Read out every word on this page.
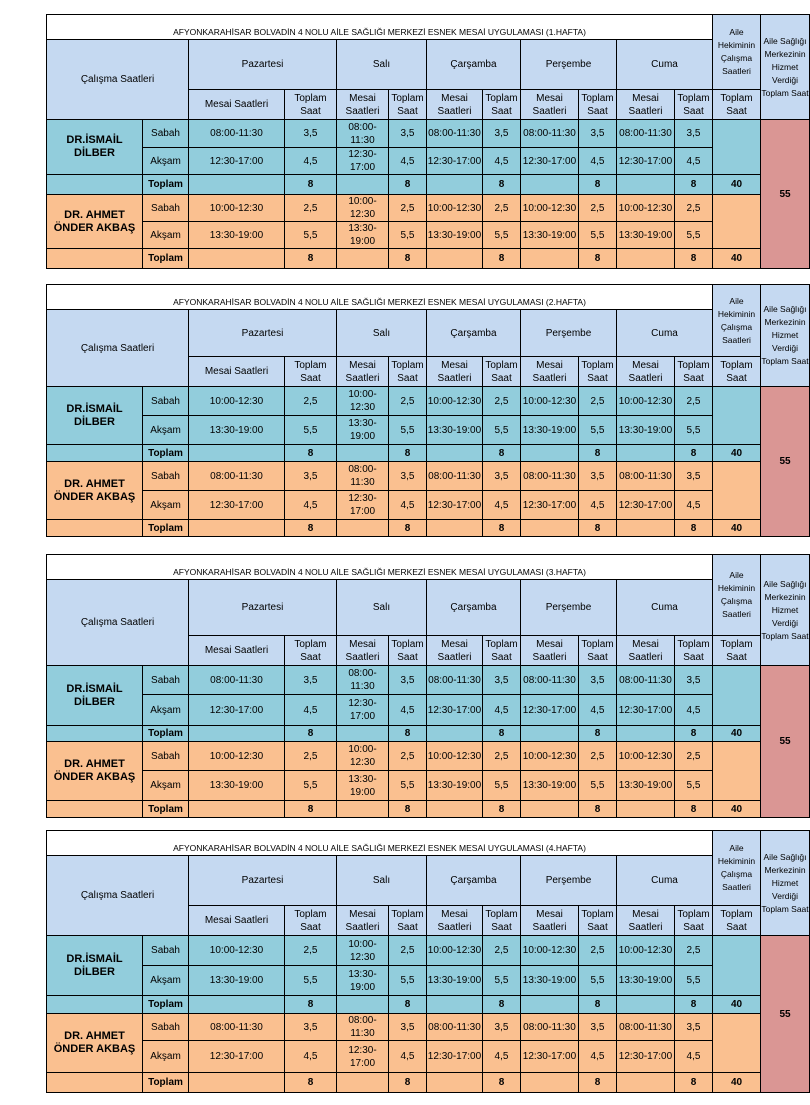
AFYONKARAHİSAR BOLVADİN 4 NOLU AİLE SAĞLIĞI MERKEZİ ESNEK MESAİ UYGULAMASI (1.HAFTA)												Aile Hekiminin Çalışma Saatleri	Aile Sağlığı Merkezinin Hizmet Verdiği Toplam Saat
Çalışma Saatleri		Pazartesi		Salı		Çarşamba		Perşembe		Cuma			
		Mesai Saatleri	Toplam Saat	Mesai Saatleri	Toplam Saat	Mesai Saatleri	Toplam Saat	Mesai Saatleri	Toplam Saat	Mesai Saatleri	Toplam Saat	Toplam Saat	
DR.İSMAİL DİLBER	Sabah	08:00-11:30	3,5	08:00-11:30	3,5	08:00-11:30	3,5	08:00-11:30	3,5	08:00-11:30	3,5		55
	Akşam	12:30-17:00	4,5	12:30-17:00	4,5	12:30-17:00	4,5	12:30-17:00	4,5	12:30-17:00	4,5		
	Toplam		8		8		8		8		8	40	
DR. AHMET ÖNDER AKBAŞ	Sabah	10:00-12:30	2,5	10:00-12:30	2,5	10:00-12:30	2,5	10:00-12:30	2,5	10:00-12:30	2,5		
	Akşam	13:30-19:00	5,5	13:30-19:00	5,5	13:30-19:00	5,5	13:30-19:00	5,5	13:30-19:00	5,5		
	Toplam		8		8		8		8		8	40	
AFYONKARAHİSAR BOLVADİN 4 NOLU AİLE SAĞLIĞI MERKEZİ ESNEK MESAİ UYGULAMASI (2.HAFTA)												Aile Hekiminin Çalışma Saatleri	Aile Sağlığı Merkezinin Hizmet Verdiği Toplam Saat
Çalışma Saatleri		Pazartesi		Salı		Çarşamba		Perşembe		Cuma			
		Mesai Saatleri	Toplam Saat	Mesai Saatleri	Toplam Saat	Mesai Saatleri	Toplam Saat	Mesai Saatleri	Toplam Saat	Mesai Saatleri	Toplam Saat	Toplam Saat	
DR.İSMAİL DİLBER	Sabah	10:00-12:30	2,5	10:00-12:30	2,5	10:00-12:30	2,5	10:00-12:30	2,5	10:00-12:30	2,5		55
	Akşam	13:30-19:00	5,5	13:30-19:00	5,5	13:30-19:00	5,5	13:30-19:00	5,5	13:30-19:00	5,5		
	Toplam		8		8		8		8		8	40	
DR. AHMET ÖNDER AKBAŞ	Sabah	08:00-11:30	3,5	08:00-11:30	3,5	08:00-11:30	3,5	08:00-11:30	3,5	08:00-11:30	3,5		
	Akşam	12:30-17:00	4,5	12:30-17:00	4,5	12:30-17:00	4,5	12:30-17:00	4,5	12:30-17:00	4,5		
	Toplam		8		8		8		8		8	40	
AFYONKARAHİSAR BOLVADİN 4 NOLU AİLE SAĞLIĞI MERKEZİ ESNEK MESAİ UYGULAMASI (3.HAFTA)												Aile Hekiminin Çalışma Saatleri	Aile Sağlığı Merkezinin Hizmet Verdiği Toplam Saat
Çalışma Saatleri		Pazartesi		Salı		Çarşamba		Perşembe		Cuma			
		Mesai Saatleri	Toplam Saat	Mesai Saatleri	Toplam Saat	Mesai Saatleri	Toplam Saat	Mesai Saatleri	Toplam Saat	Mesai Saatleri	Toplam Saat	Toplam Saat	
DR.İSMAİL DİLBER	Sabah	08:00-11:30	3,5	08:00-11:30	3,5	08:00-11:30	3,5	08:00-11:30	3,5	08:00-11:30	3,5		55
	Akşam	12:30-17:00	4,5	12:30-17:00	4,5	12:30-17:00	4,5	12:30-17:00	4,5	12:30-17:00	4,5		
	Toplam		8		8		8		8		8	40	
DR. AHMET ÖNDER AKBAŞ	Sabah	10:00-12:30	2,5	10:00-12:30	2,5	10:00-12:30	2,5	10:00-12:30	2,5	10:00-12:30	2,5		
	Akşam	13:30-19:00	5,5	13:30-19:00	5,5	13:30-19:00	5,5	13:30-19:00	5,5	13:30-19:00	5,5		
	Toplam		8		8		8		8		8	40	
AFYONKARAHİSAR BOLVADİN 4 NOLU AİLE SAĞLIĞI MERKEZİ ESNEK MESAİ UYGULAMASI (4.HAFTA)												Aile Hekiminin Çalışma Saatleri	Aile Sağlığı Merkezinin Hizmet Verdiği Toplam Saat
Çalışma Saatleri		Pazartesi		Salı		Çarşamba		Perşembe		Cuma			
		Mesai Saatleri	Toplam Saat	Mesai Saatleri	Toplam Saat	Mesai Saatleri	Toplam Saat	Mesai Saatleri	Toplam Saat	Mesai Saatleri	Toplam Saat	Toplam Saat	
DR.İSMAİL DİLBER	Sabah	10:00-12:30	2,5	10:00-12:30	2,5	10:00-12:30	2,5	10:00-12:30	2,5	10:00-12:30	2,5		55
	Akşam	13:30-19:00	5,5	13:30-19:00	5,5	13:30-19:00	5,5	13:30-19:00	5,5	13:30-19:00	5,5		
	Toplam		8		8		8		8		8	40	
DR. AHMET ÖNDER AKBAŞ	Sabah	08:00-11:30	3,5	08:00-11:30	3,5	08:00-11:30	3,5	08:00-11:30	3,5	08:00-11:30	3,5		
	Akşam	12:30-17:00	4,5	12:30-17:00	4,5	12:30-17:00	4,5	12:30-17:00	4,5	12:30-17:00	4,5		
	Toplam		8		8		8		8		8	40	
